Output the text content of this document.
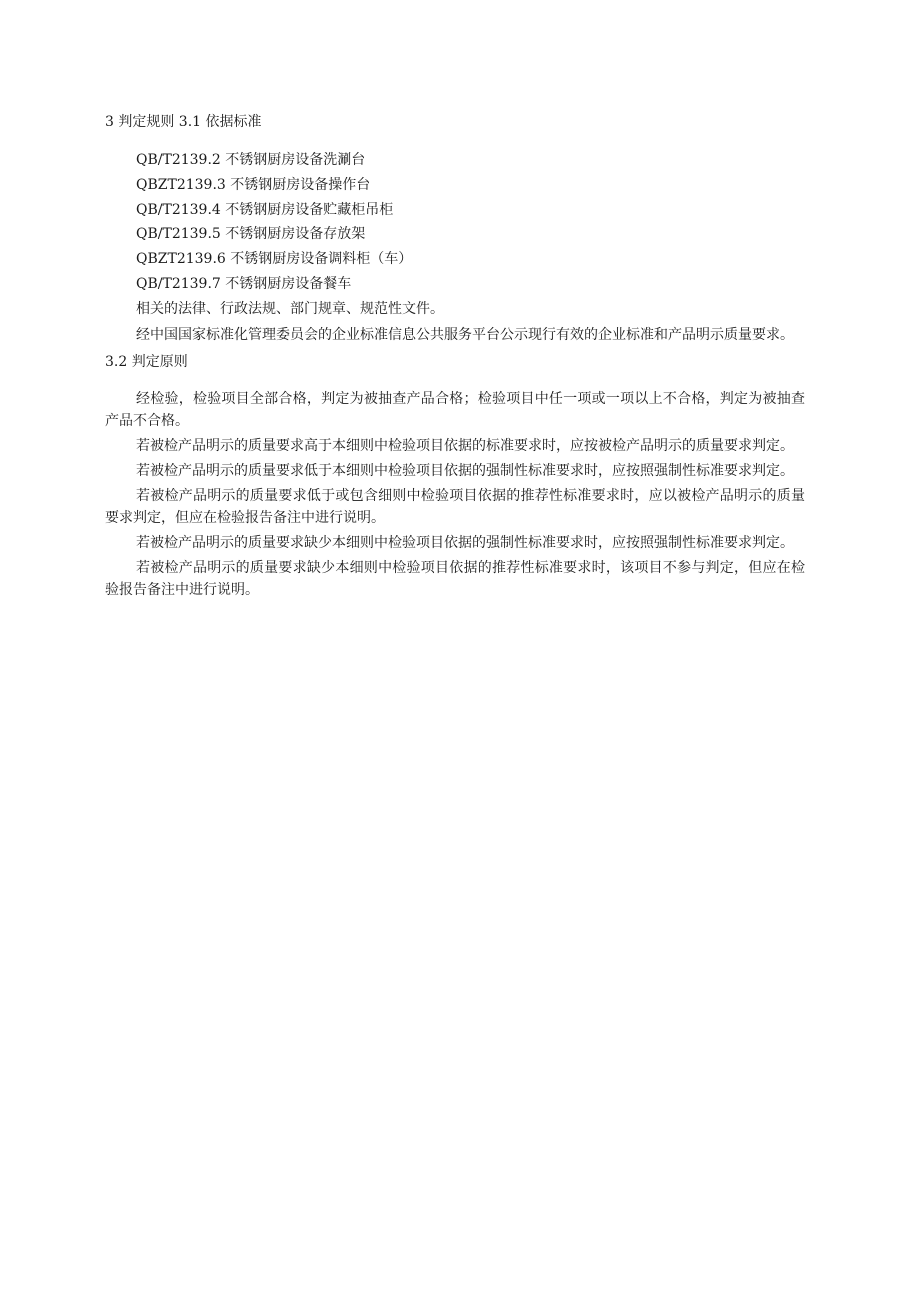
3 判定规则 3.1 依据标准
QB/T2139.2 不锈钢厨房设备洗涮台
QBZT2139.3 不锈钢厨房设备操作台
QB/T2139.4 不锈钢厨房设备贮藏柜吊柜
QB/T2139.5 不锈钢厨房设备存放架
QBZT2139.6 不锈钢厨房设备调料柜（车）
QB/T2139.7 不锈钢厨房设备餐车
相关的法律、行政法规、部门规章、规范性文件。

经中国国家标准化管理委员会的企业标准信息公共服务平台公示现行有效的企业标准和产品明示质量要求。

3.2 判定原则

经检验，检验项目全部合格，判定为被抽查产品合格；检验项目中任一项或一项以上不合格，判定为被抽查产品不合格。

若被检产品明示的质量要求高于本细则中检验项目依据的标准要求时，应按被检产品明示的质量要求判定。

若被检产品明示的质量要求低于本细则中检验项目依据的强制性标准要求时，应按照强制性标准要求判定。

若被检产品明示的质量要求低于或包含细则中检验项目依据的推荐性标准要求时，应以被检产品明示的质量要求判定，但应在检验报告备注中进行说明。

若被检产品明示的质量要求缺少本细则中检验项目依据的强制性标准要求时，应按照强制性标准要求判定。

若被检产品明示的质量要求缺少本细则中检验项目依据的推荐性标准要求时，该项目不参与判定，但应在检验报告备注中进行说明。
